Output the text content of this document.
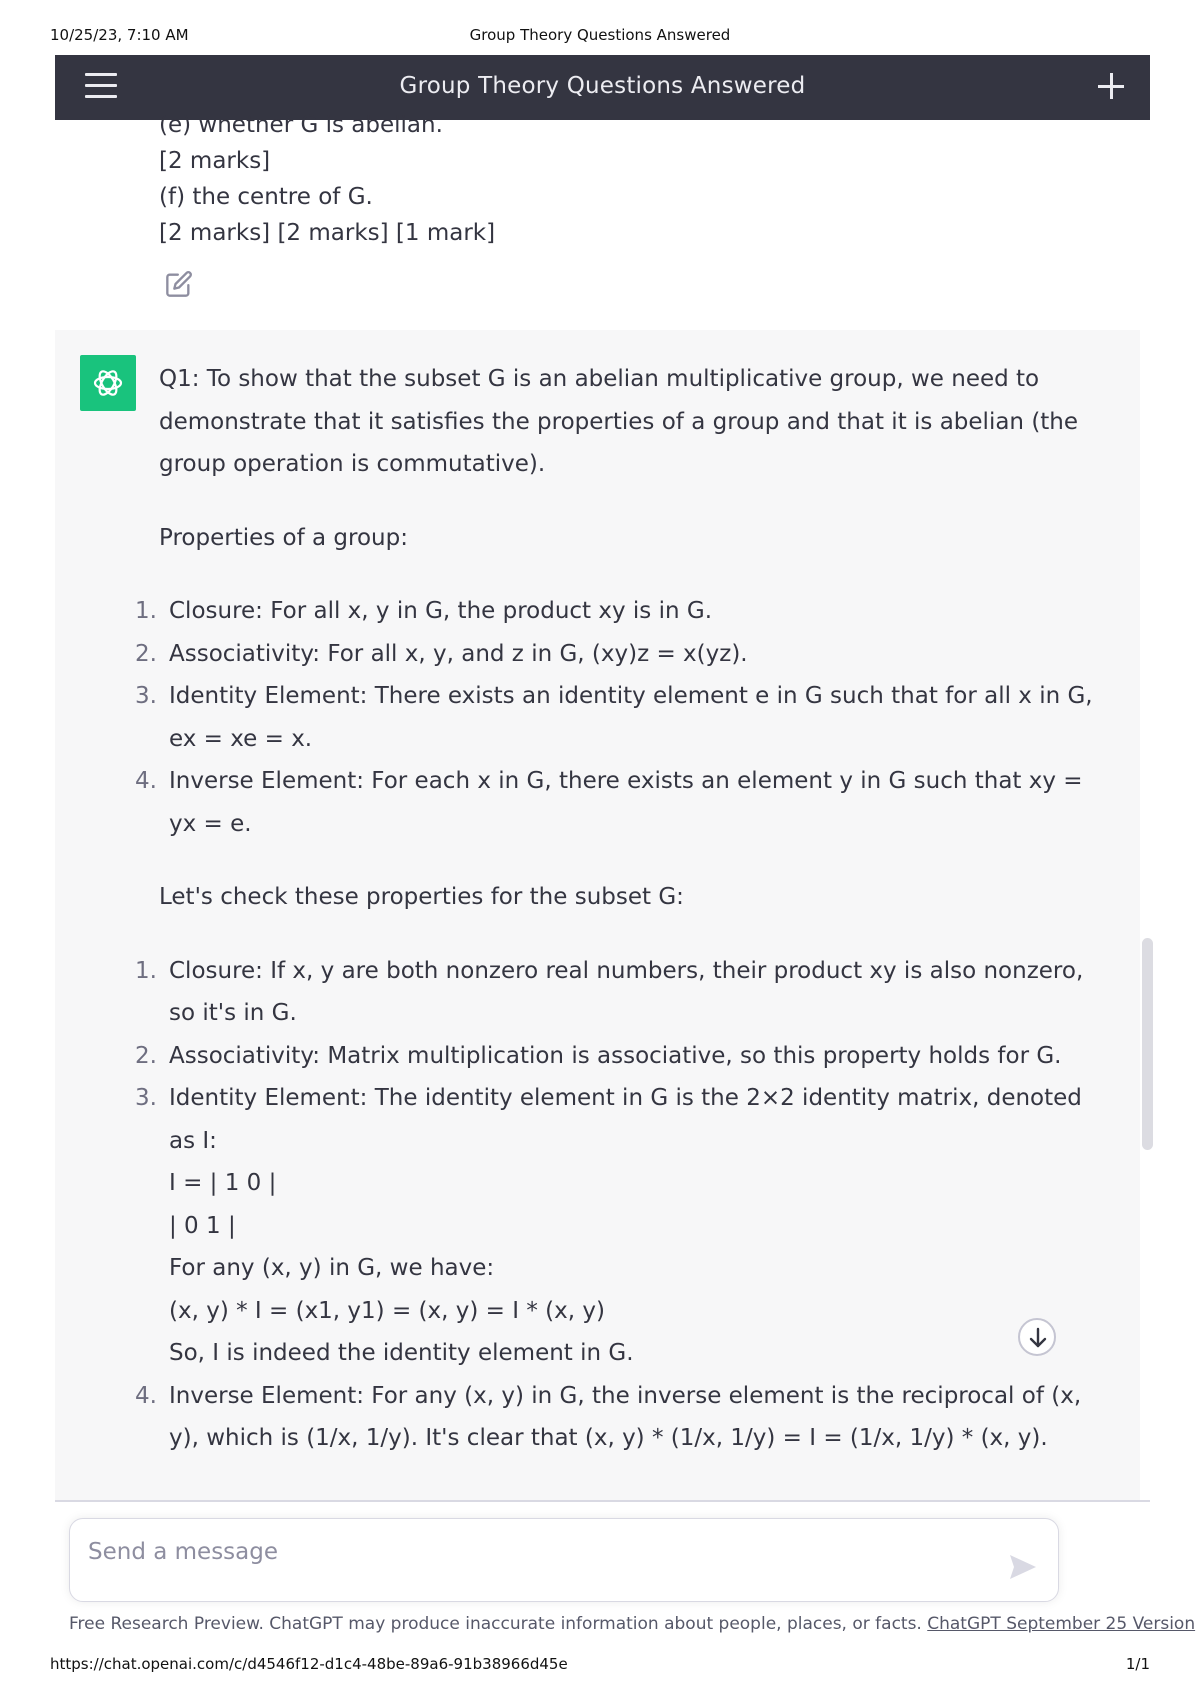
10/25/23, 7:10 AM	Group Theory Questions Answered
Group Theory Questions Answered
(e) whether G is abelian.
[2 marks]
(f) the centre of G.
[2 marks] [2 marks] [1 mark]

Q1: To show that the subset G is an abelian multiplicative group, we need to demonstrate that it satisfies the properties of a group and that it is abelian (the group operation is commutative).

Properties of a group:

1. Closure: For all x, y in G, the product xy is in G.
2. Associativity: For all x, y, and z in G, (xy)z = x(yz).
3. Identity Element: There exists an identity element e in G such that for all x in G, ex = xe = x.
4. Inverse Element: For each x in G, there exists an element y in G such that xy = yx = e.

Let's check these properties for the subset G:

1. Closure: If x, y are both nonzero real numbers, their product xy is also nonzero, so it's in G.
2. Associativity: Matrix multiplication is associative, so this property holds for G.
3. Identity Element: The identity element in G is the 2×2 identity matrix, denoted as I:
I = | 1 0 |
| 0 1 |
For any (x, y) in G, we have:
(x, y) * I = (x1, y1) = (x, y) = I * (x, y)
So, I is indeed the identity element in G.
4. Inverse Element: For any (x, y) in G, the inverse element is the reciprocal of (x, y), which is (1/x, 1/y). It's clear that (x, y) * (1/x, 1/y) = I = (1/x, 1/y) * (x, y).

Send a message
Free Research Preview. ChatGPT may produce inaccurate information about people, places, or facts. ChatGPT September 25 Version
https://chat.openai.com/c/d4546f12-d1c4-48be-89a6-91b38966d45e	1/1
